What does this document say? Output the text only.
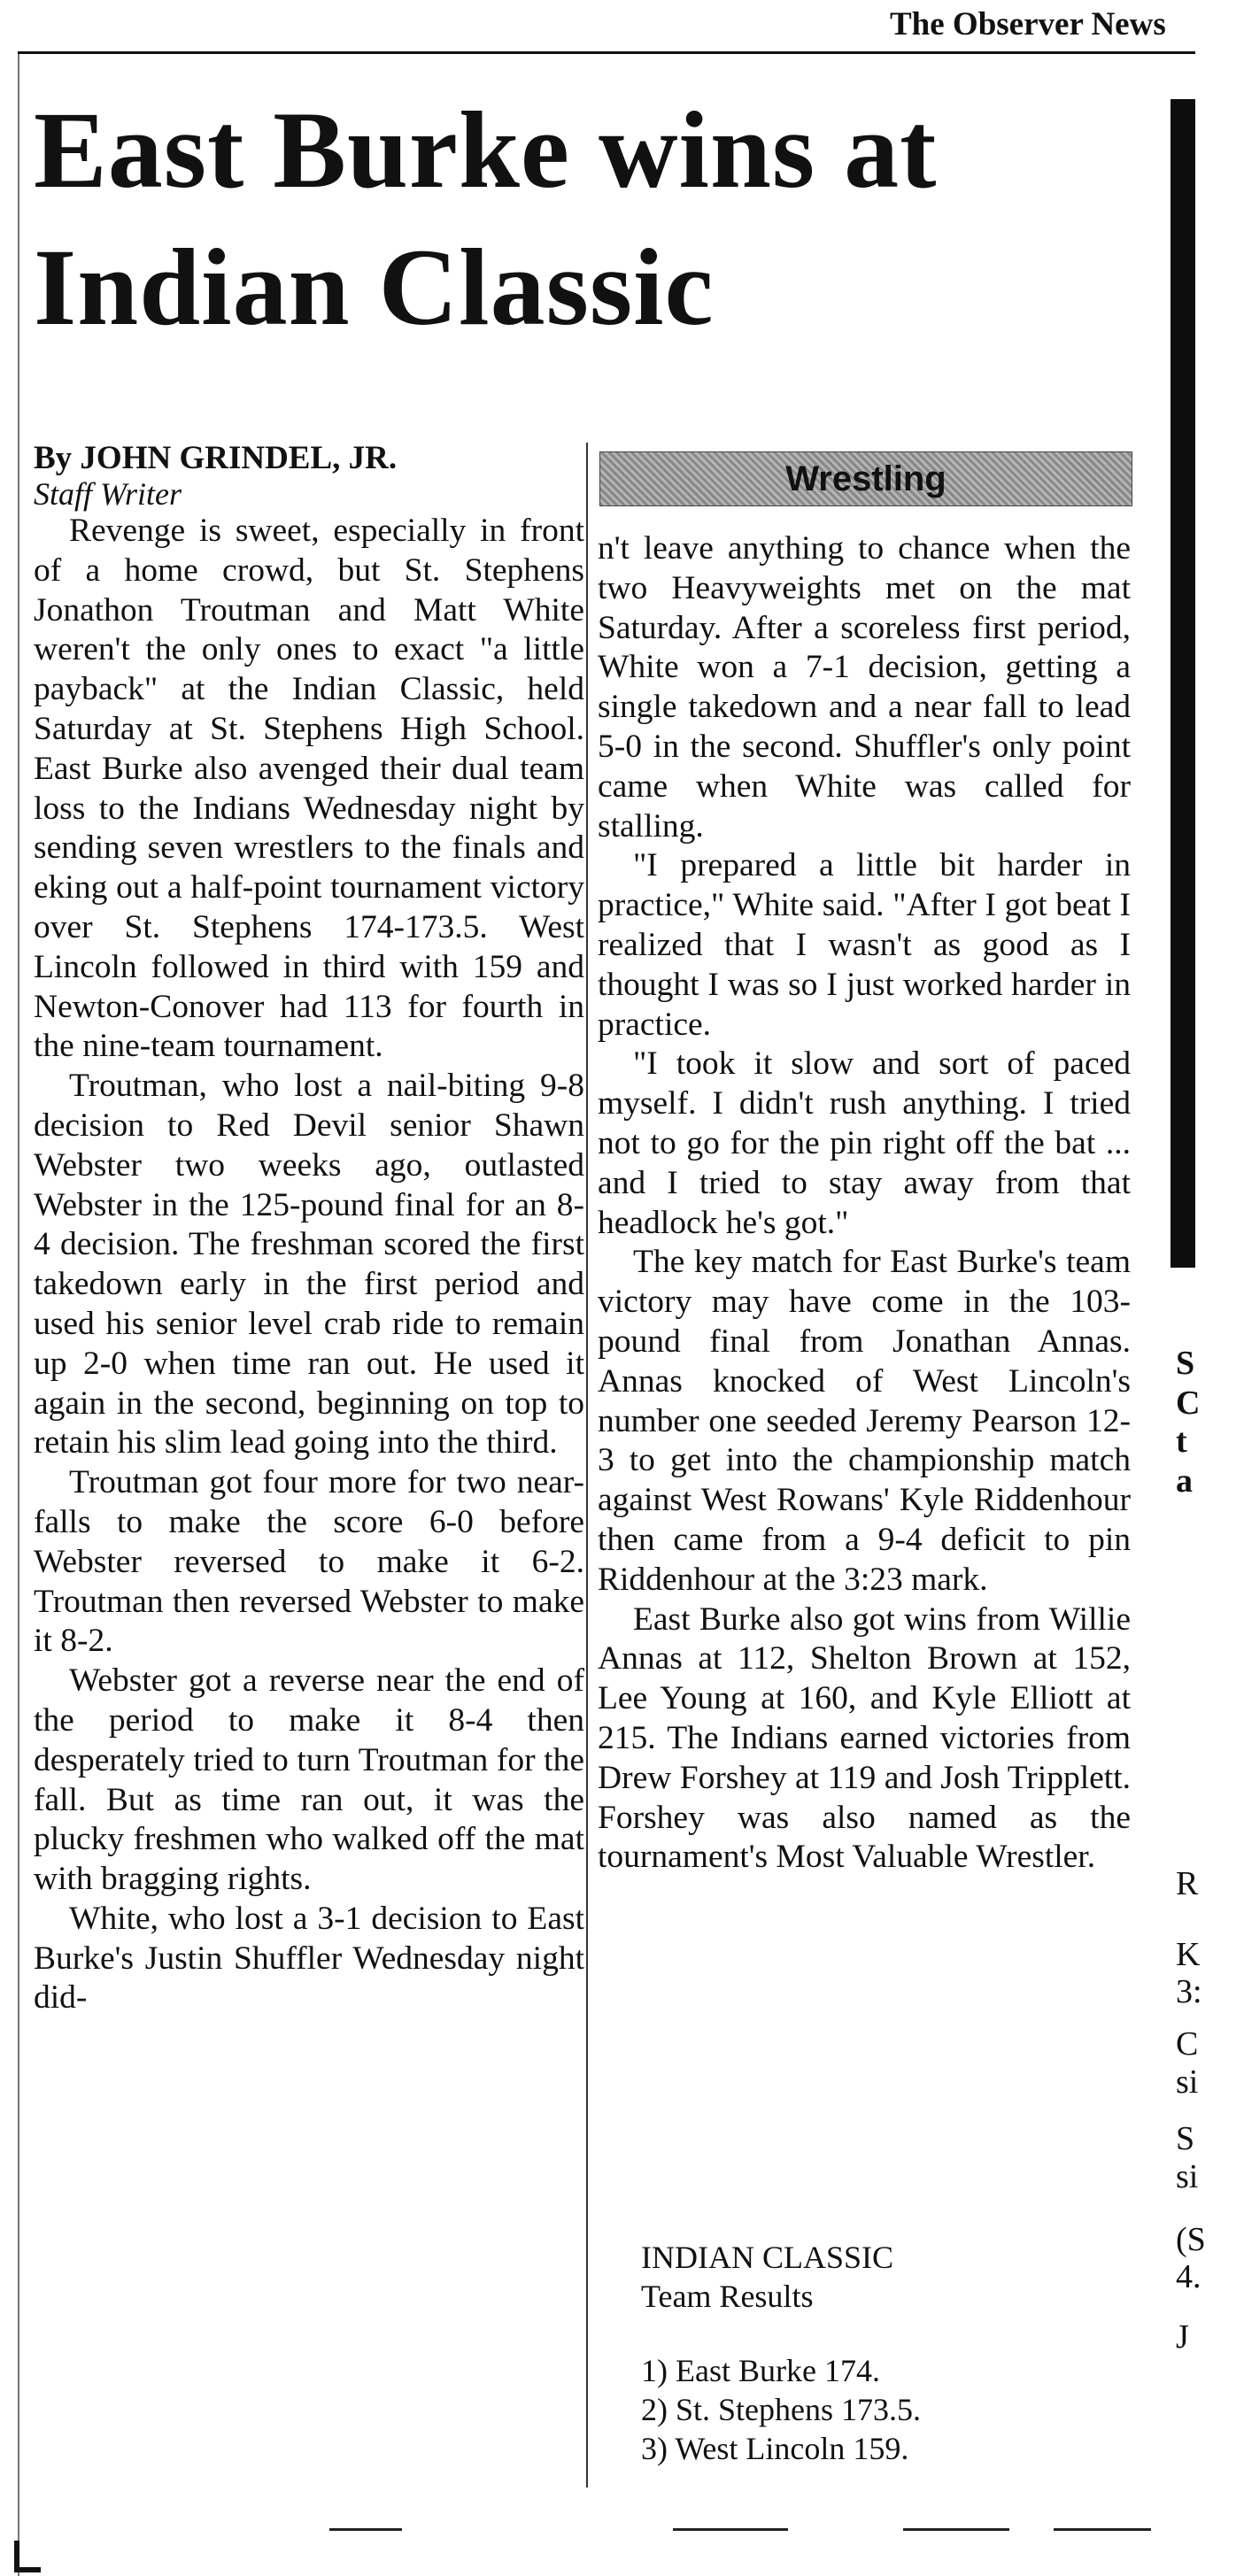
The Observer News
East Burke wins at Indian Classic

By JOHN GRINDEL, JR.

Staff Writer

Revenge is sweet, especially in front of a home crowd, but St. Stephens Jonathon Troutman and Matt White weren't the only ones to exact "a little payback" at the Indian Classic, held Saturday at St. Stephens High School. East Burke also avenged their dual team loss to the Indians Wednesday night by sending seven wrestlers to the finals and eking out a half-point tournament victory over St. Stephens 174-173.5. West Lincoln followed in third with 159 and Newton-Conover had 113 for fourth in the nine-team tournament.

Troutman, who lost a nail-biting 9-8 decision to Red Devil senior Shawn Webster two weeks ago, outlasted Webster in the 125-pound final for an 8-4 decision. The freshman scored the first takedown early in the first period and used his senior level crab ride to remain up 2-0 when time ran out. He used it again in the second, beginning on top to retain his slim lead going into the third.

Troutman got four more for two near-falls to make the score 6-0 before Webster reversed to make it 6-2. Troutman then reversed Webster to make it 8-2.

Webster got a reverse near the end of the period to make it 8-4 then desperately tried to turn Troutman for the fall. But as time ran out, it was the plucky freshmen who walked off the mat with bragging rights.

White, who lost a 3-1 decision to East Burke's Justin Shuffler Wednesday night did-

Wrestling

n't leave anything to chance when the two Heavyweights met on the mat Saturday. After a scoreless first period, White won a 7-1 decision, getting a single takedown and a near fall to lead 5-0 in the second. Shuffler's only point came when White was called for stalling.

"I prepared a little bit harder in practice," White said. "After I got beat I realized that I wasn't as good as I thought I was so I just worked harder in practice.

"I took it slow and sort of paced myself. I didn't rush anything. I tried not to go for the pin right off the bat ... and I tried to stay away from that headlock he's got."

The key match for East Burke's team victory may have come in the 103-pound final from Jonathan Annas. Annas knocked of West Lincoln's number one seeded Jeremy Pearson 12-3 to get into the championship match against West Rowans' Kyle Riddenhour then came from a 9-4 deficit to pin Riddenhour at the 3:23 mark.

East Burke also got wins from Willie Annas at 112, Shelton Brown at 152, Lee Young at 160, and Kyle Elliott at 215. The Indians earned victories from Drew Forshey at 119 and Josh Tripplett. Forshey was also named as the tournament's Most Valuable Wrestler.

INDIAN CLASSIC

Team Results

1) East Burke 174.
2) St. Stephens 173.5.
3) West Lincoln 159.
S
C
t
a
R
K
3:
C
si
S
si
(S
4.
J
